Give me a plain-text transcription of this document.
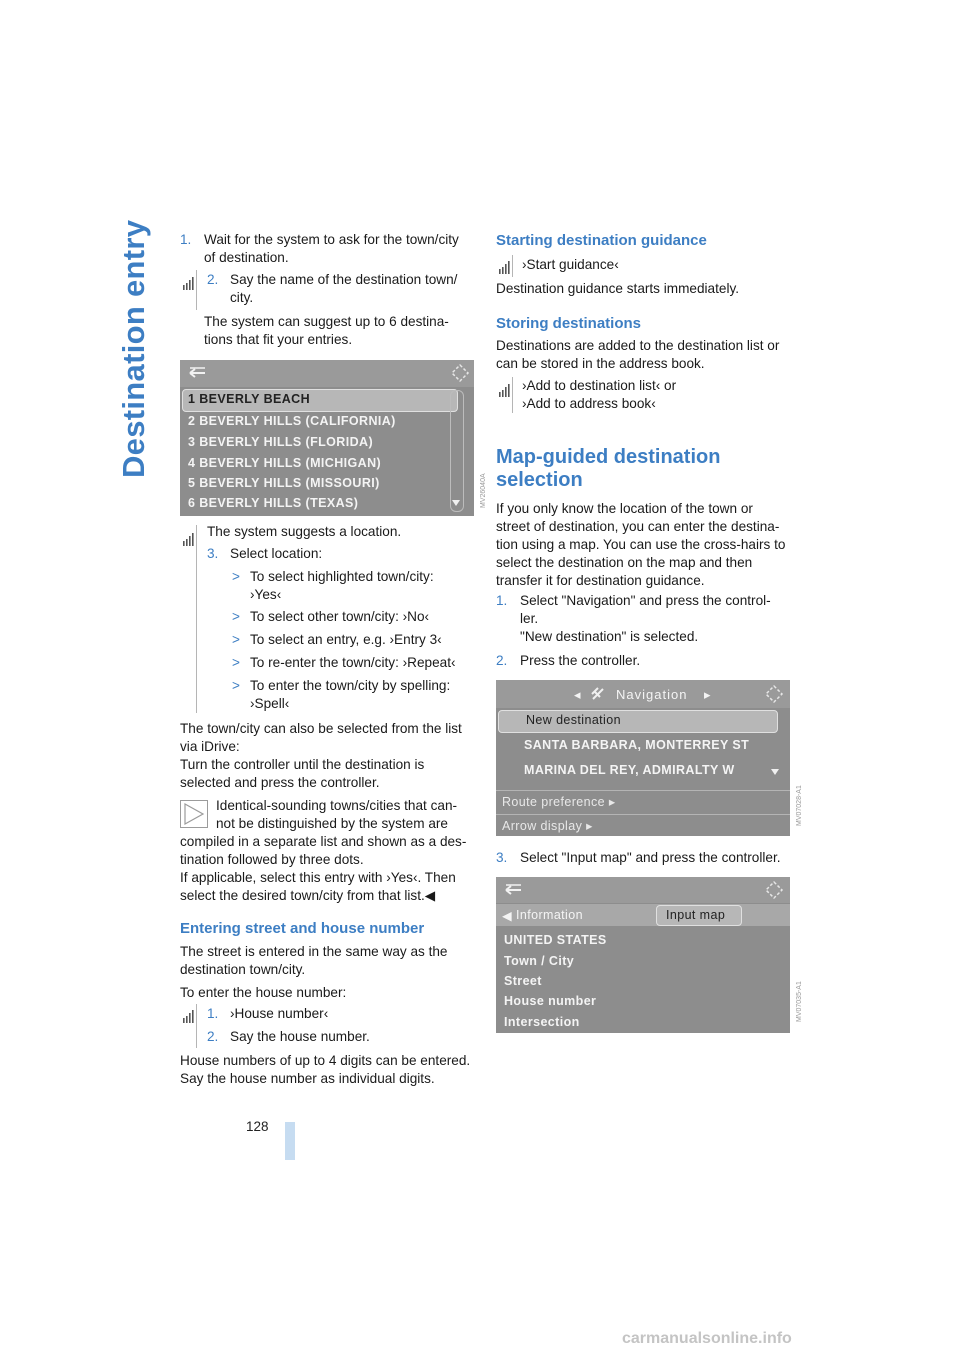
Destination entry 1. Wait for the system to ask for the town/city
of destination.
2. Say the name of the destination town/
city.
The system can suggest up to 6 destina-
tions that fit your entries.
1 BEVERLY BEACH
2 BEVERLY HILLS (CALIFORNIA)
3 BEVERLY HILLS (FLORIDA)
4 BEVERLY HILLS (MICHIGAN)
5 BEVERLY HILLS (MISSOURI)
6 BEVERLY HILLS (TEXAS)	MV26040A
The system suggests a location.
3. Select location:
> To select highlighted town/city:
›Yes‹
> To select other town/city: ›No‹
> To select an entry, e.g. ›Entry 3‹
> To re-enter the town/city: ›Repeat‹
> To enter the town/city by spelling:
›Spell‹
The town/city can also be selected from the list
via iDrive:
Turn the controller until the destination is
selected and press the controller.
Identical-sounding towns/cities that can-
not be distinguished by the system are
compiled in a separate list and shown as a des-
tination followed by three dots.
If applicable, select this entry with ›Yes‹. Then
select the desired town/city from that list.◀
Entering street and house number
The street is entered in the same way as the
destination town/city.
To enter the house number:
1. ›House number‹
2. Say the house number.
House numbers of up to 4 digits can be entered.
Say the house number as individual digits.
Starting destination guidance
›Start guidance‹
Destination guidance starts immediately.
Storing destinations
Destinations are added to the destination list or
can be stored in the address book.
›Add to destination list‹ or
›Add to address book‹
Map-guided destination
selection
If you only know the location of the town or
street of destination, you can enter the destina-
tion using a map. You can use the cross-hairs to
select the destination on the map and then
transfer it for destination guidance.
1. Select "Navigation" and press the control-
ler.
"New destination" is selected.
2. Press the controller.
◂	Navigation ▸
New destination
SANTA BARBARA, MONTERREY ST
MARINA DEL REY, ADMIRALTY W
Route preference ▸
Arrow display ▸	MV07028-A1
3. Select "Input map" and press the controller.
◀ Information	Input map
UNITED STATES
Town / City
Street
House number
Intersection	MV07035-A1
128
carmanualsonline.info
